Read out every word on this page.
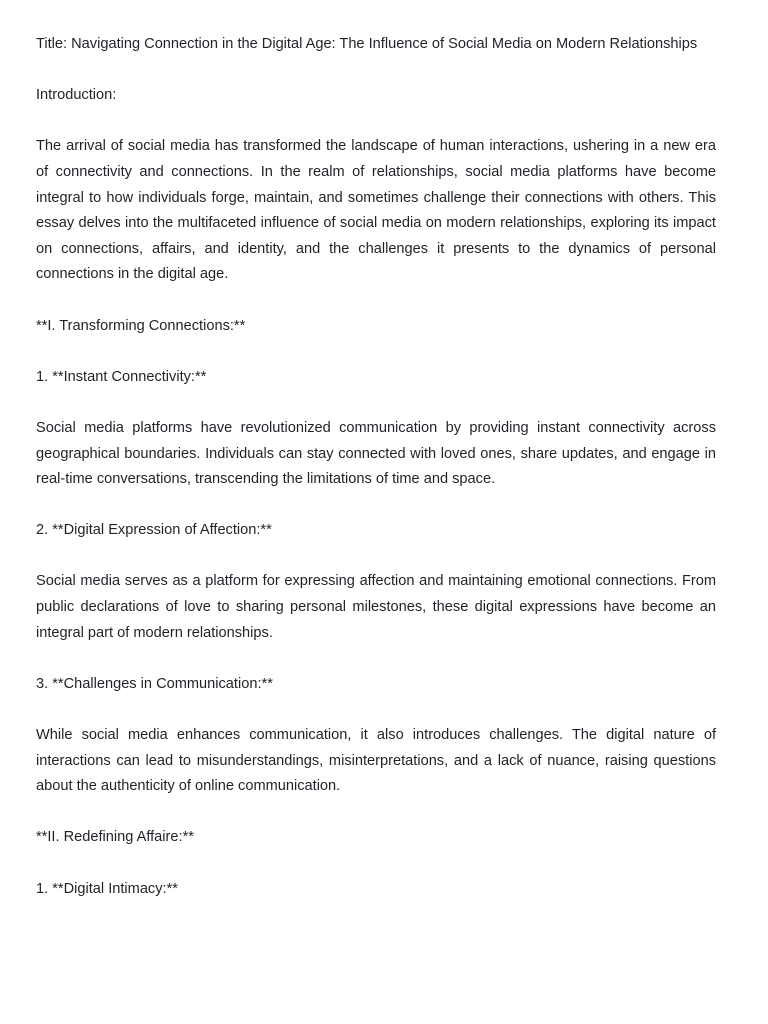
Title: Navigating Connection in the Digital Age: The Influence of Social Media on Modern Relationships

Introduction:

The arrival of social media has transformed the landscape of human interactions, ushering in a new era of connectivity and connections. In the realm of relationships, social media platforms have become integral to how individuals forge, maintain, and sometimes challenge their connections with others. This essay delves into the multifaceted influence of social media on modern relationships, exploring its impact on connections, affairs, and identity, and the challenges it presents to the dynamics of personal connections in the digital age.

**I. Transforming Connections:**

1. **Instant Connectivity:**

Social media platforms have revolutionized communication by providing instant connectivity across geographical boundaries. Individuals can stay connected with loved ones, share updates, and engage in real-time conversations, transcending the limitations of time and space.

2. **Digital Expression of Affection:**

Social media serves as a platform for expressing affection and maintaining emotional connections. From public declarations of love to sharing personal milestones, these digital expressions have become an integral part of modern relationships.

3. **Challenges in Communication:**

While social media enhances communication, it also introduces challenges. The digital nature of interactions can lead to misunderstandings, misinterpretations, and a lack of nuance, raising questions about the authenticity of online communication.

**II. Redefining Affaire:**

1. **Digital Intimacy:**
